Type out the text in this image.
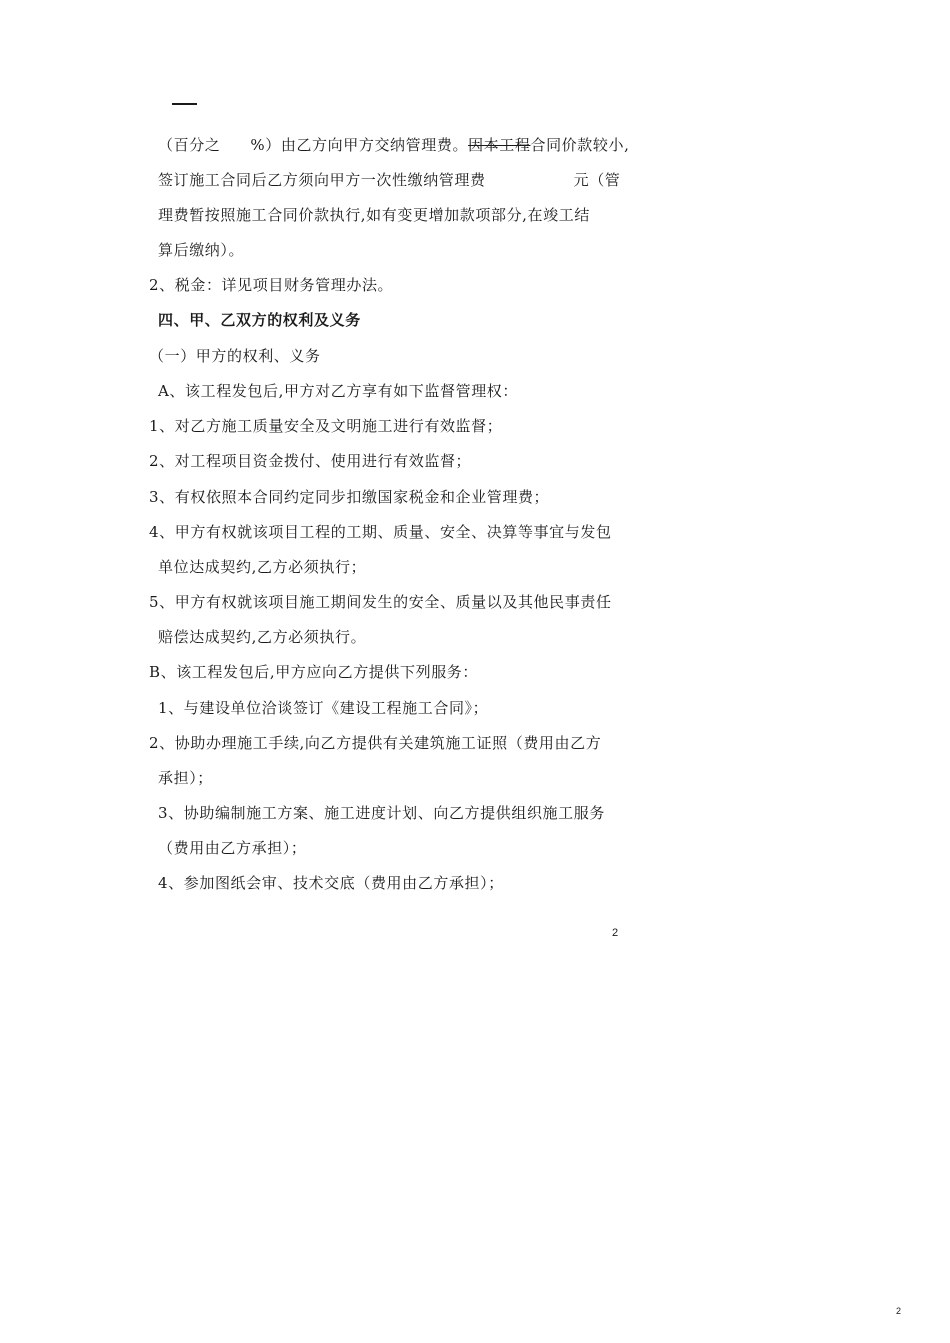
（百分之 %）由乙方向甲方交纳管理费。因本工程合同价款较小,
签订施工合同后乙方须向甲方一次性缴纳管理费	元（管
理费暂按照施工合同价款执行,如有变更增加款项部分,在竣工结
算后缴纳）。
2、税金：详见项目财务管理办法。
四、甲、乙双方的权利及义务
（一）甲方的权利、义务
A、该工程发包后,甲方对乙方享有如下监督管理权：
1、对乙方施工质量安全及文明施工进行有效监督；
2、对工程项目资金拨付、使用进行有效监督；
3、有权依照本合同约定同步扣缴国家税金和企业管理费；
4、甲方有权就该项目工程的工期、质量、安全、决算等事宜与发包
单位达成契约,乙方必须执行；
5、甲方有权就该项目施工期间发生的安全、质量以及其他民事责任
赔偿达成契约,乙方必须执行。
B、该工程发包后,甲方应向乙方提供下列服务：
1、与建设单位洽谈签订《建设工程施工合同》；
2、协助办理施工手续,向乙方提供有关建筑施工证照（费用由乙方
承担）；
3、协助编制施工方案、施工进度计划、向乙方提供组织施工服务
（费用由乙方承担）；
4、参加图纸会审、技术交底（费用由乙方承担）；
2
2
